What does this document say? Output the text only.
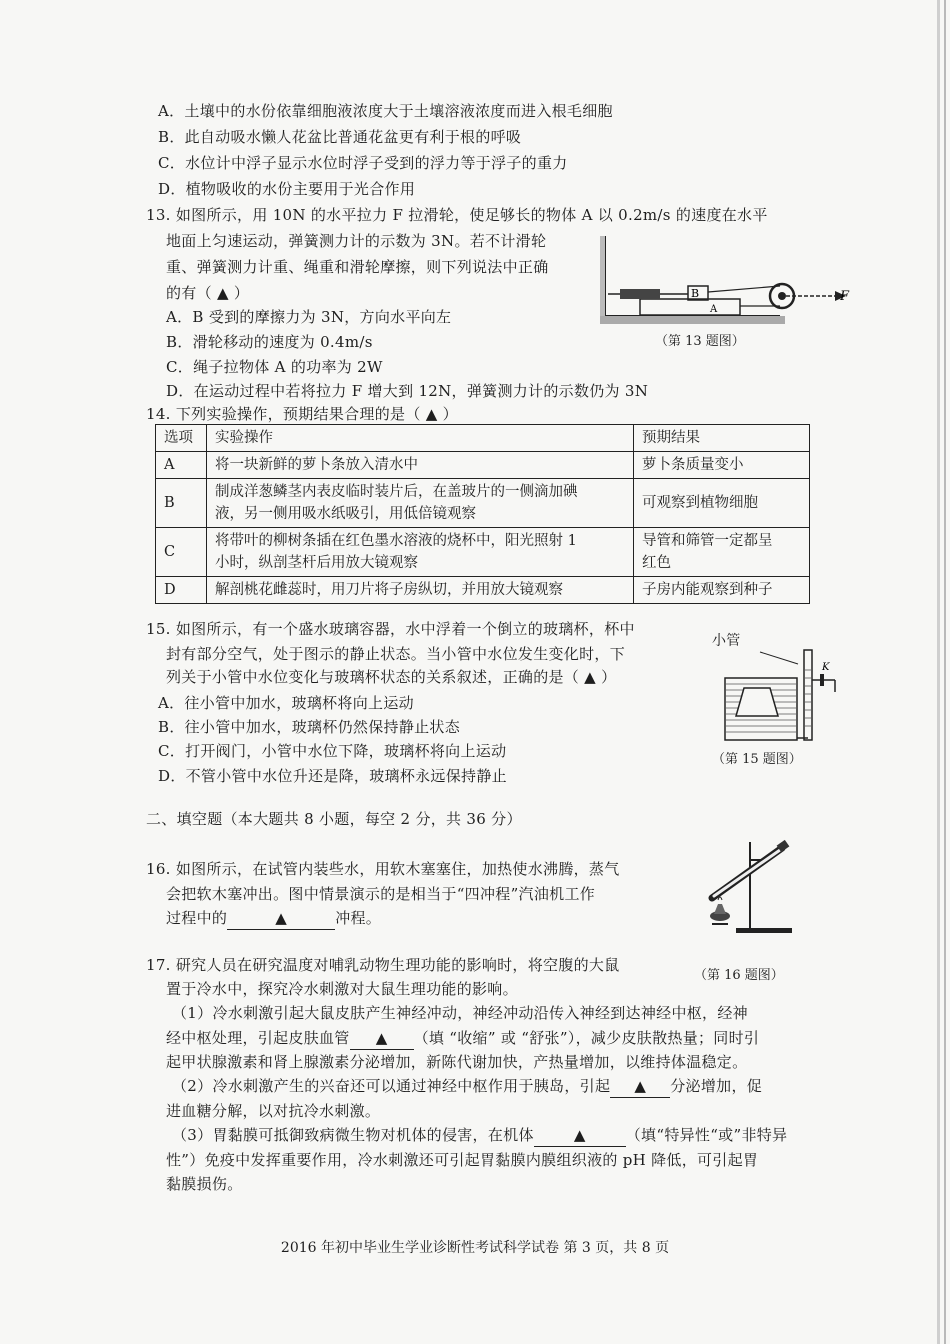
A．土壤中的水份依靠细胞液浓度大于土壤溶液浓度而进入根毛细胞
B．此自动吸水懒人花盆比普通花盆更有利于根的呼吸
C．水位计中浮子显示水位时浮子受到的浮力等于浮子的重力
D．植物吸收的水份主要用于光合作用
13. 如图所示，用 10N 的水平拉力 F 拉滑轮，使足够长的物体 A 以 0.2m/s 的速度在水平
地面上匀速运动，弹簧测力计的示数为 3N。若不计滑轮
重、弹簧测力计重、绳重和滑轮摩擦，则下列说法中正确
的有（ ▲ ）
A．B 受到的摩擦力为 3N，方向水平向左
B．滑轮移动的速度为 0.4m/s
C．绳子拉物体 A 的功率为 2W
D．在运动过程中若将拉力 F 增大到 12N，弹簧测力计的示数仍为 3N
B
A
F
（第 13 题图）
14. 下列实验操作，预期结果合理的是（ ▲ ）
选项	实验操作	预期结果
A	将一块新鲜的萝卜条放入清水中	萝卜条质量变小
B	制成洋葱鳞茎内表皮临时装片后，在盖玻片的一侧滴加碘
液，另一侧用吸水纸吸引，用低倍镜观察	可观察到植物细胞
C	将带叶的柳树条插在红色墨水溶液的烧杯中，阳光照射 1
小时，纵剖茎杆后用放大镜观察	导管和筛管一定都呈
红色
D	解剖桃花雌蕊时，用刀片将子房纵切，并用放大镜观察	子房内能观察到种子
15. 如图所示，有一个盛水玻璃容器，水中浮着一个倒立的玻璃杯，杯中
封有部分空气，处于图示的静止状态。当小管中水位发生变化时，下
列关于小管中水位变化与玻璃杯状态的关系叙述，正确的是（ ▲ ）
A．往小管中加水，玻璃杯将向上运动
B．往小管中加水，玻璃杯仍然保持静止状态
C．打开阀门，小管中水位下降，玻璃杯将向上运动
D．不管小管中水位升还是降，玻璃杯永远保持静止
小管
K
（第 15 题图）
二、填空题（本大题共 8 小题，每空 2 分，共 36 分）
16. 如图所示，在试管内装些水，用软木塞塞住，加热使水沸腾，蒸气
会把软木塞冲出。图中情景演示的是相当于“四冲程”汽油机工作
过程中的	▲	冲程。
（第 16 题图）
17. 研究人员在研究温度对哺乳动物生理功能的影响时，将空腹的大鼠
置于冷水中，探究冷水刺激对大鼠生理功能的影响。
（1）冷水刺激引起大鼠皮肤产生神经冲动，神经冲动沿传入神经到达神经中枢，经神
经中枢处理，引起皮肤血管 ▲ （填 “收缩” 或 “舒张”），减少皮肤散热量；同时引
起甲状腺激素和肾上腺激素分泌增加，新陈代谢加快，产热量增加，以维持体温稳定。
（2）冷水刺激产生的兴奋还可以通过神经中枢作用于胰岛，引起 ▲ 分泌增加，促
进血糖分解，以对抗冷水刺激。
（3）胃黏膜可抵御致病微生物对机体的侵害，在机体	▲	（填“特异性“或”非特异
性”）免疫中发挥重要作用，冷水刺激还可引起胃黏膜内膜组织液的 pH 降低，可引起胃
黏膜损伤。
2016 年初中毕业生学业诊断性考试科学试卷 第 3 页，共 8 页
